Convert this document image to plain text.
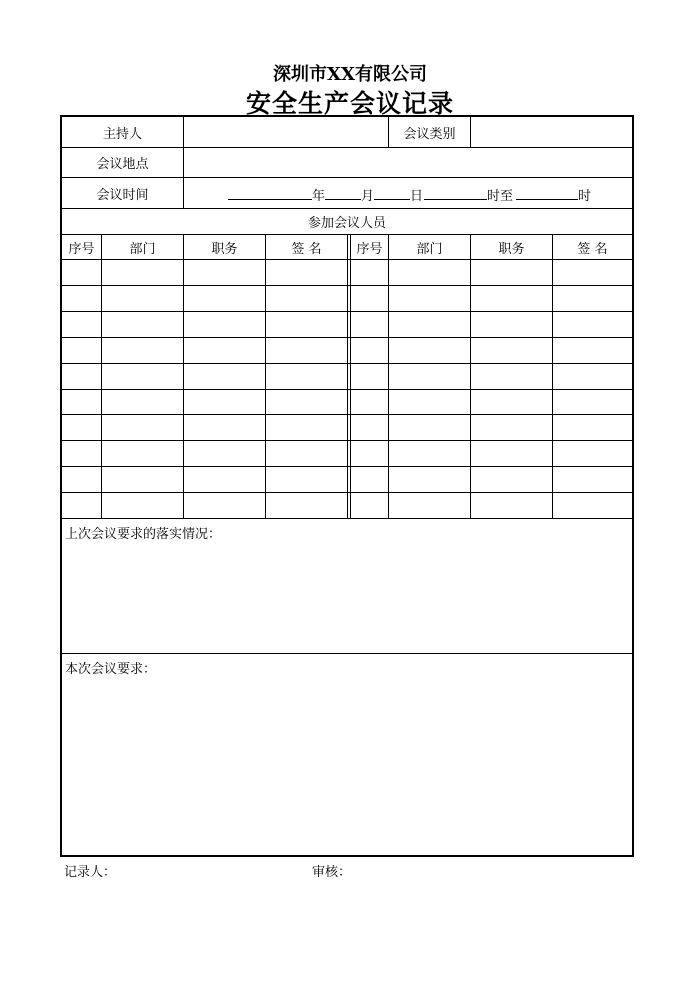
深圳市XX有限公司
安全生产会议记录
主持人	会议类别
会议地点
会议时间	年	月	日	时至	时
参加会议人员
序号	部门	职务	签 名	序号	部门	职务	签 名
上次会议要求的落实情况：
本次会议要求：
记录人：	审核：
